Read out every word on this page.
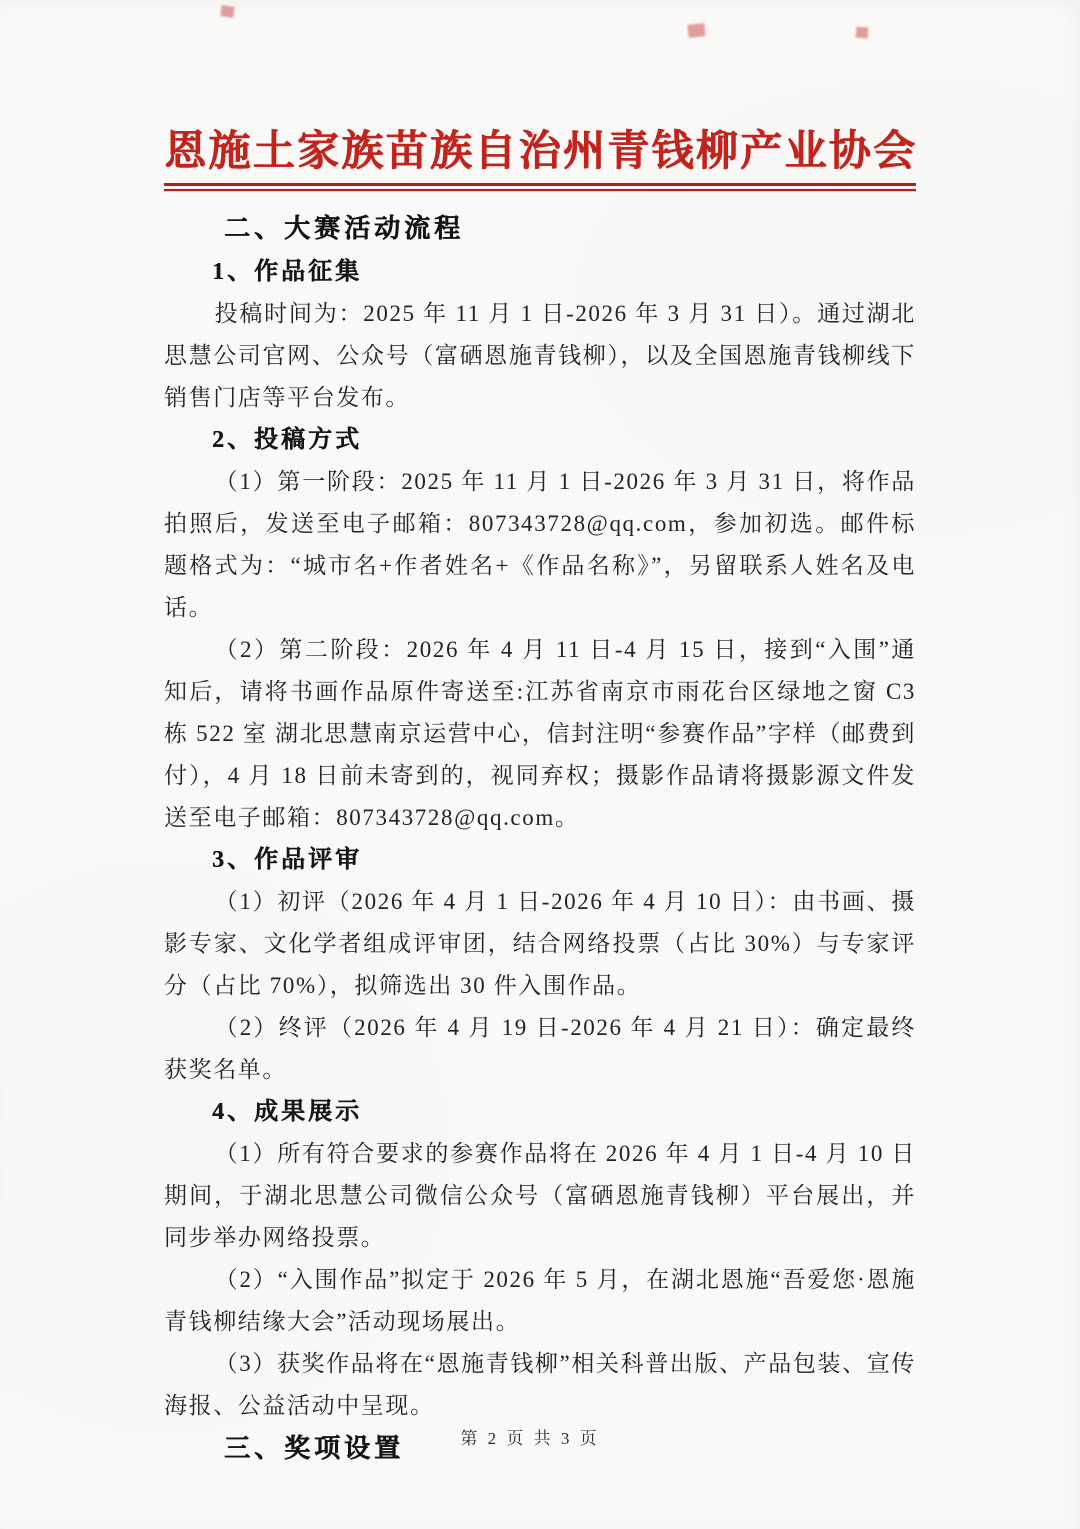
恩施土家族苗族自治州青钱柳产业协会

二、大赛活动流程

1、作品征集

投稿时间为：2025 年 11 月 1 日-2026 年 3 月 31 日）。通过湖北思慧公司官网、公众号（富硒恩施青钱柳），以及全国恩施青钱柳线下销售门店等平台发布。

2、投稿方式

（1）第一阶段：2025 年 11 月 1 日-2026 年 3 月 31 日，将作品拍照后，发送至电子邮箱：807343728@qq.com，参加初选。邮件标题格式为：“城市名+作者姓名+《作品名称》”，另留联系人姓名及电话。

（2）第二阶段：2026 年 4 月 11 日-4 月 15 日，接到“入围”通知后，请将书画作品原件寄送至:江苏省南京市雨花台区绿地之窗 C3 栋 522 室 湖北思慧南京运营中心，信封注明“参赛作品”字样（邮费到付），4 月 18 日前未寄到的，视同弃权；摄影作品请将摄影源文件发送至电子邮箱：807343728@qq.com。

3、作品评审

（1）初评（2026 年 4 月 1 日-2026 年 4 月 10 日）：由书画、摄影专家、文化学者组成评审团，结合网络投票（占比 30%）与专家评分（占比 70%），拟筛选出 30 件入围作品。

（2）终评（2026 年 4 月 19 日-2026 年 4 月 21 日）：确定最终获奖名单。

4、成果展示

（1）所有符合要求的参赛作品将在 2026 年 4 月 1 日-4 月 10 日期间，于湖北思慧公司微信公众号（富硒恩施青钱柳）平台展出，并同步举办网络投票。

（2）“入围作品”拟定于 2026 年 5 月，在湖北恩施“吾爱您·恩施青钱柳结缘大会”活动现场展出。

（3）获奖作品将在“恩施青钱柳”相关科普出版、产品包装、宣传海报、公益活动中呈现。

三、奖项设置	第 2 页 共 3 页
